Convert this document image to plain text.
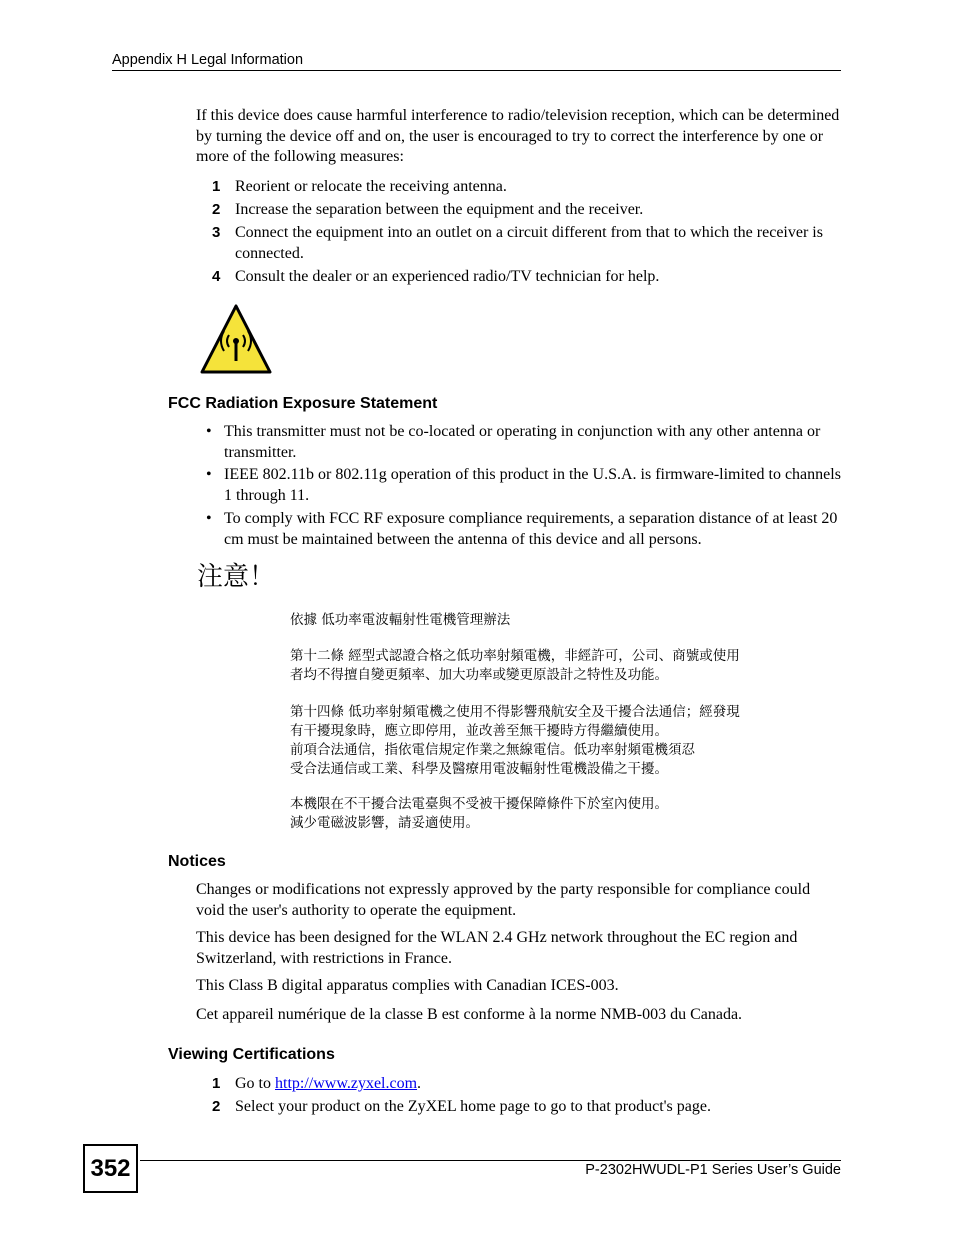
Appendix H Legal Information

If this device does cause harmful interference to radio/television reception, which can be determined by turning the device off and on, the user is encouraged to try to correct the interference by one or more of the following measures:

1 Reorient or relocate the receiving antenna.
2 Increase the separation between the equipment and the receiver.
3 Connect the equipment into an outlet on a circuit different from that to which the receiver is connected.
4 Consult the dealer or an experienced radio/TV technician for help.
FCC Radiation Exposure Statement
• This transmitter must not be co-located or operating in conjunction with any other antenna or transmitter.
• IEEE 802.11b or 802.11g operation of this product in the U.S.A. is firmware-limited to channels 1 through 11.
• To comply with FCC RF exposure compliance requirements, a separation distance of at least 20 cm must be maintained between the antenna of this device and all persons.
注意！
依據 低功率電波輻射性電機管理辦法
第十二條 經型式認證合格之低功率射頻電機，非經許可，公司、商號或使用
者均不得擅自變更頻率、加大功率或變更原設計之特性及功能。
第十四條 低功率射頻電機之使用不得影響飛航安全及干擾合法通信；經發現
有干擾現象時，應立即停用，並改善至無干擾時方得繼續使用。
前項合法通信，指依電信規定作業之無線電信。低功率射頻電機須忍
受合法通信或工業、科學及醫療用電波輻射性電機設備之干擾。
本機限在不干擾合法電臺與不受被干擾保障條件下於室內使用。
減少電磁波影響，請妥適使用。
Notices

Changes or modifications not expressly approved by the party responsible for compliance could void the user's authority to operate the equipment.

This device has been designed for the WLAN 2.4 GHz network throughout the EC region and Switzerland, with restrictions in France.

This Class B digital apparatus complies with Canadian ICES-003.

Cet appareil numérique de la classe B est conforme à la norme NMB-003 du Canada.

Viewing Certifications
1 Go to http://www.zyxel.com.
2 Select your product on the ZyXEL home page to go to that product's page.
352	P-2302HWUDL-P1 Series User’s Guide
